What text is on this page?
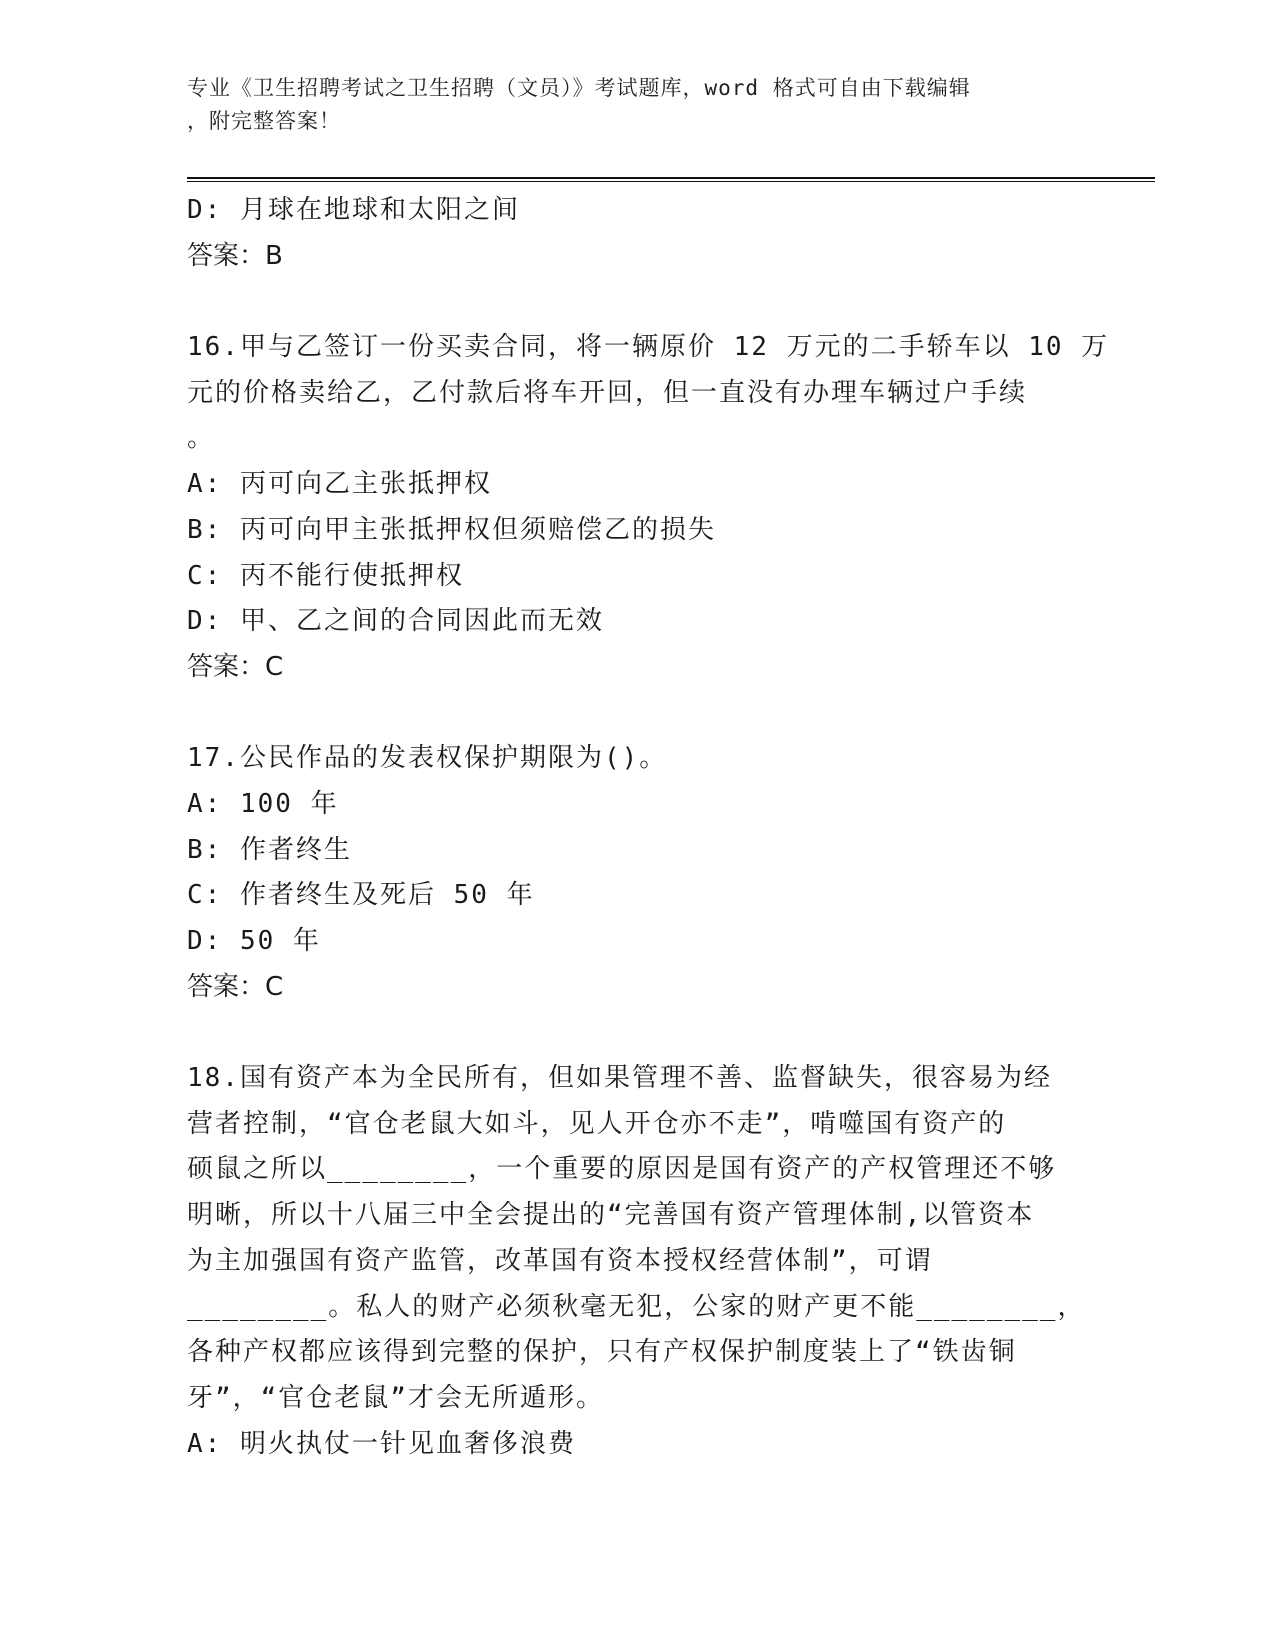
专业《卫生招聘考试之卫生招聘（文员）》考试题库，word 格式可自由下载编辑
，附完整答案！
D: 月球在地球和太阳之间
答案：B
16.甲与乙签订一份买卖合同，将一辆原价 12 万元的二手轿车以 10 万
元的价格卖给乙，乙付款后将车开回，但一直没有办理车辆过户手续
。
A: 丙可向乙主张抵押权
B: 丙可向甲主张抵押权但须赔偿乙的损失
C: 丙不能行使抵押权
D: 甲、乙之间的合同因此而无效
答案：C
17.公民作品的发表权保护期限为()。
A: 100 年
B: 作者终生
C: 作者终生及死后 50 年
D: 50 年
答案：C
18.国有资产本为全民所有，但如果管理不善、监督缺失，很容易为经
营者控制，“官仓老鼠大如斗，见人开仓亦不走”，啃噬国有资产的
硕鼠之所以________，一个重要的原因是国有资产的产权管理还不够
明晰，所以十八届三中全会提出的“完善国有资产管理体制,以管资本
为主加强国有资产监管，改革国有资本授权经营体制”，可谓
________。私人的财产必须秋毫无犯，公家的财产更不能________，
各种产权都应该得到完整的保护，只有产权保护制度装上了“铁齿铜
牙”，“官仓老鼠”才会无所遁形。
A: 明火执仗一针见血奢侈浪费
